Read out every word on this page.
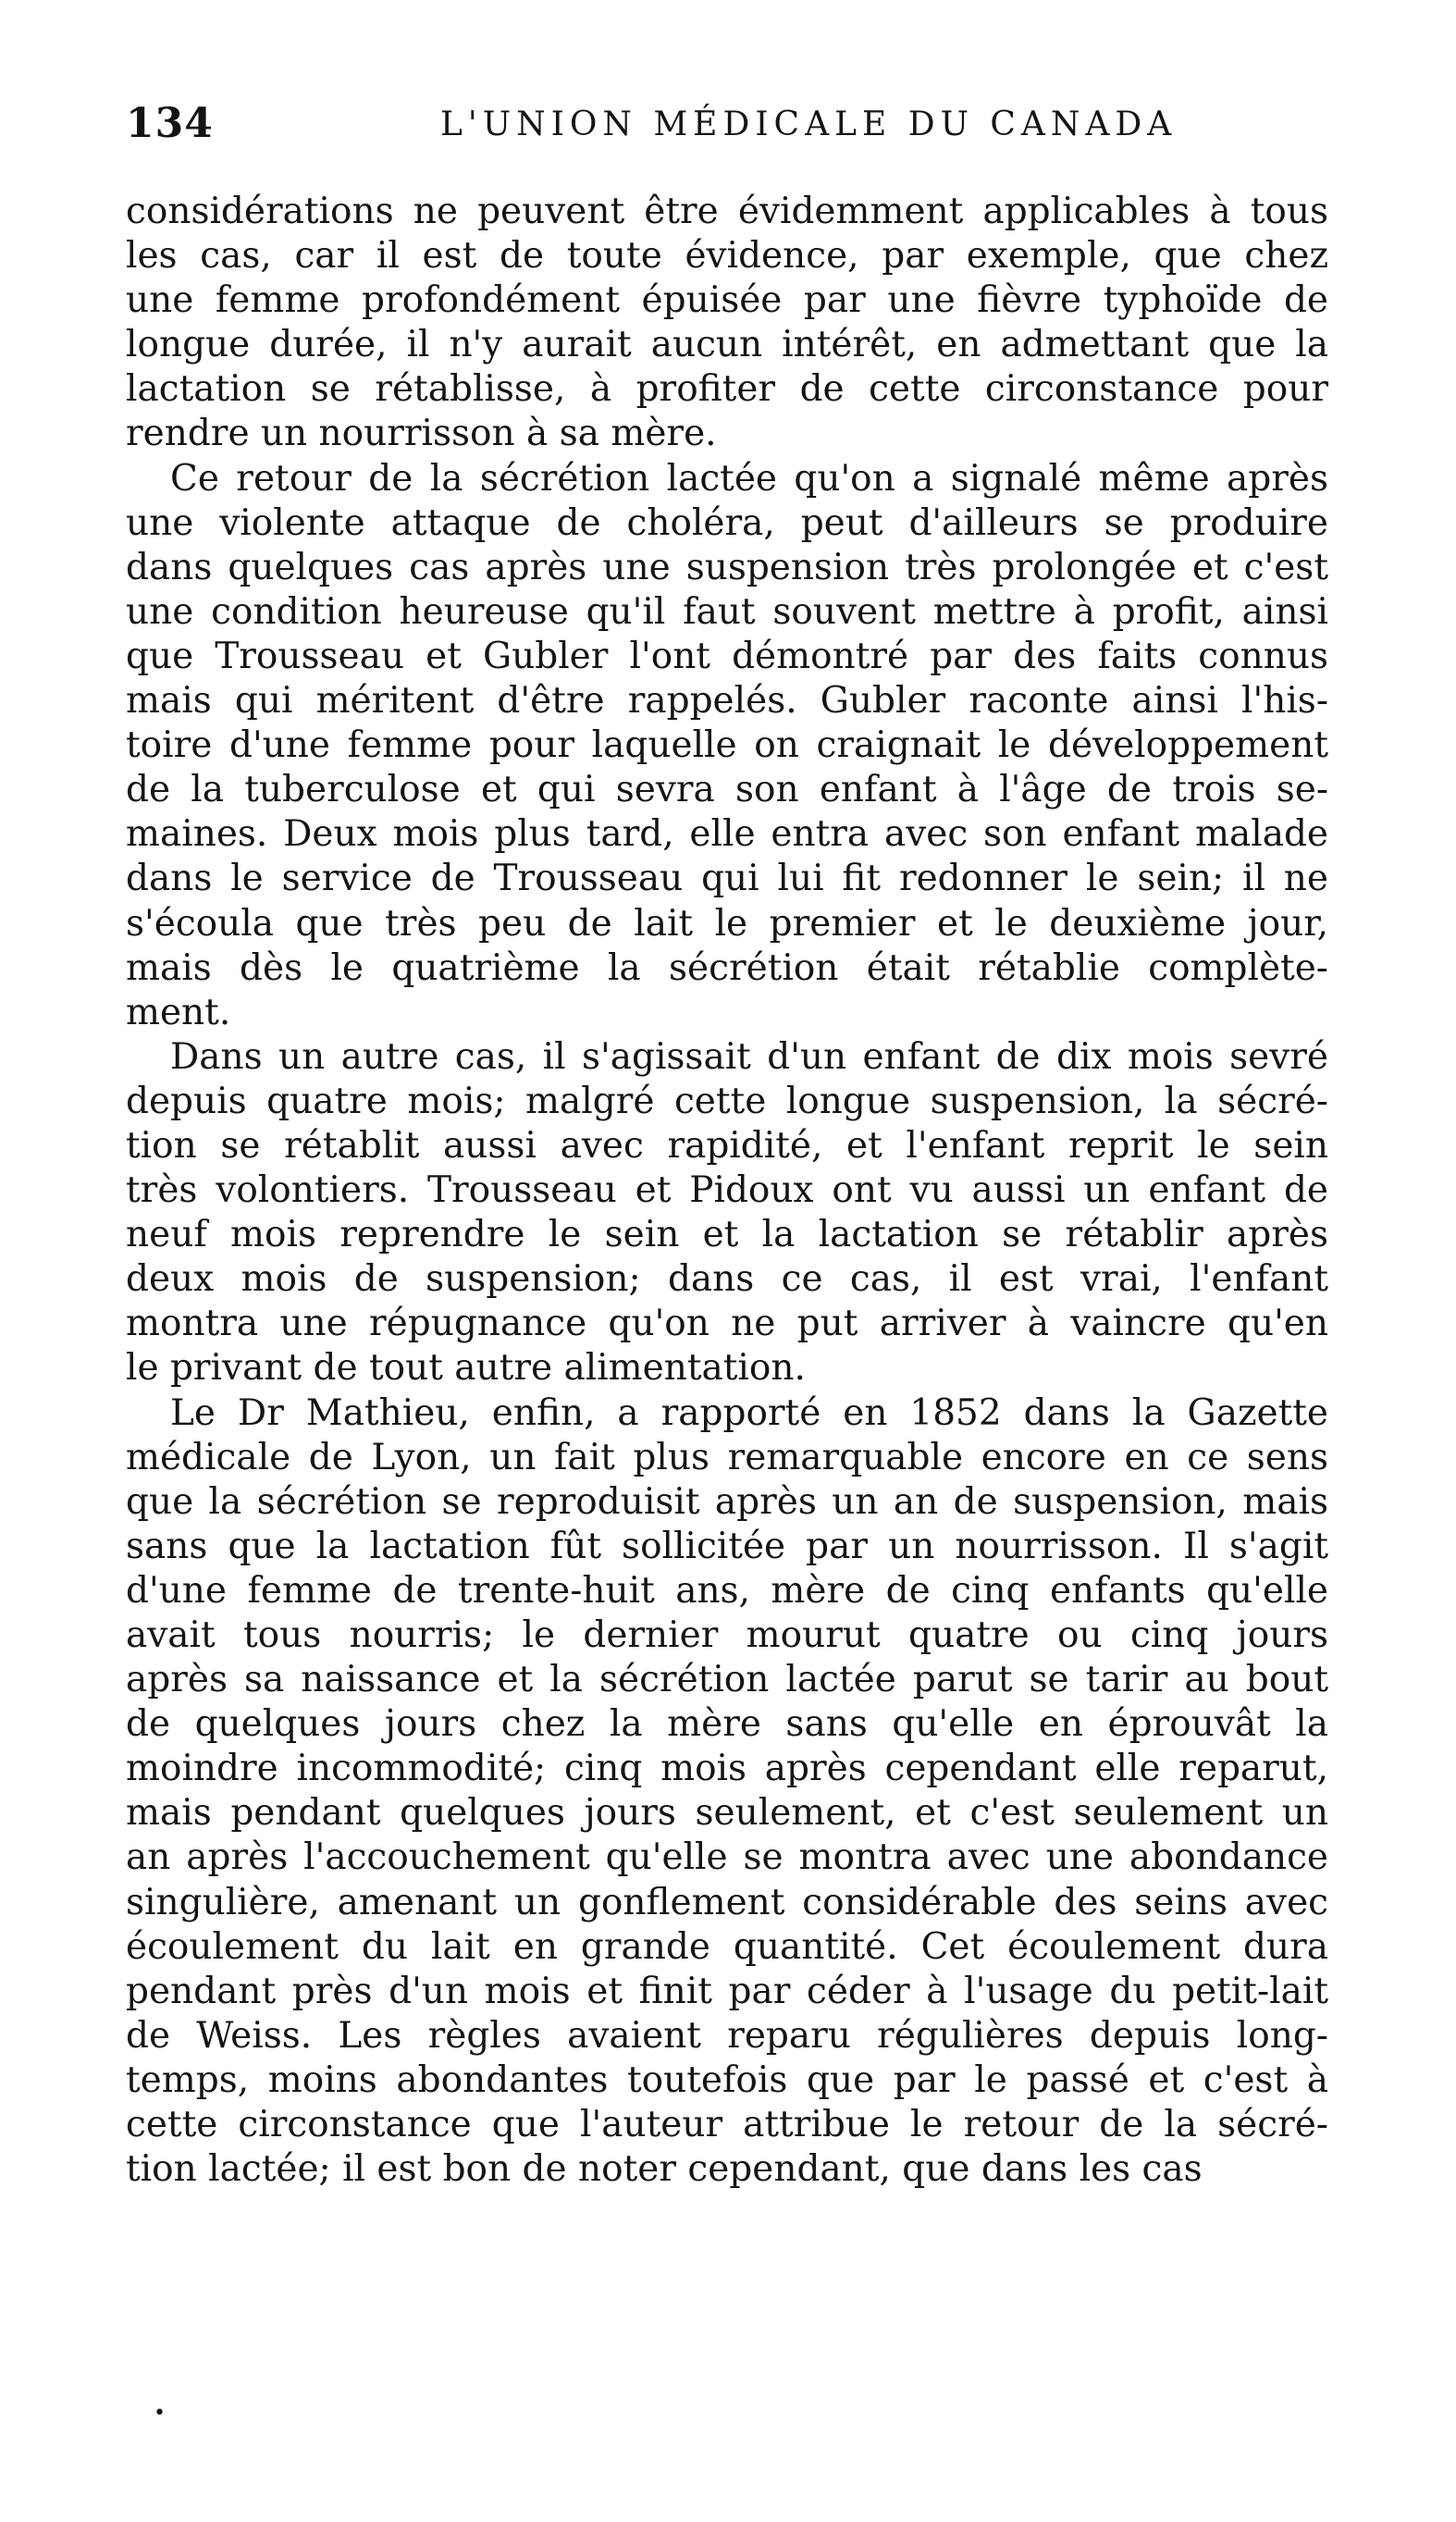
134	L'UNION MÉDICALE DU CANADA
considérations ne peuvent être évidemment applicables à tous
les cas, car il est de toute évidence, par exemple, que chez
une femme profondément épuisée par une fièvre typhoïde de
longue durée, il n'y aurait aucun intérêt, en admettant que la
lactation se rétablisse, à profiter de cette circonstance pour
rendre un nourrisson à sa mère.
Ce retour de la sécrétion lactée qu'on a signalé même après
une violente attaque de choléra, peut d'ailleurs se produire
dans quelques cas après une suspension très prolongée et c'est
une condition heureuse qu'il faut souvent mettre à profit, ainsi
que Trousseau et Gubler l'ont démontré par des faits connus
mais qui méritent d'être rappelés. Gubler raconte ainsi l'his-
toire d'une femme pour laquelle on craignait le développement
de la tuberculose et qui sevra son enfant à l'âge de trois se-
maines. Deux mois plus tard, elle entra avec son enfant malade
dans le service de Trousseau qui lui fit redonner le sein; il ne
s'écoula que très peu de lait le premier et le deuxième jour,
mais dès le quatrième la sécrétion était rétablie complète-
ment.
Dans un autre cas, il s'agissait d'un enfant de dix mois sevré
depuis quatre mois; malgré cette longue suspension, la sécré-
tion se rétablit aussi avec rapidité, et l'enfant reprit le sein
très volontiers. Trousseau et Pidoux ont vu aussi un enfant de
neuf mois reprendre le sein et la lactation se rétablir après
deux mois de suspension; dans ce cas, il est vrai, l'enfant
montra une répugnance qu'on ne put arriver à vaincre qu'en
le privant de tout autre alimentation.
Le Dr Mathieu, enfin, a rapporté en 1852 dans la Gazette
médicale de Lyon, un fait plus remarquable encore en ce sens
que la sécrétion se reproduisit après un an de suspension, mais
sans que la lactation fût sollicitée par un nourrisson. Il s'agit
d'une femme de trente-huit ans, mère de cinq enfants qu'elle
avait tous nourris; le dernier mourut quatre ou cinq jours
après sa naissance et la sécrétion lactée parut se tarir au bout
de quelques jours chez la mère sans qu'elle en éprouvât la
moindre incommodité; cinq mois après cependant elle reparut,
mais pendant quelques jours seulement, et c'est seulement un
an après l'accouchement qu'elle se montra avec une abondance
singulière, amenant un gonflement considérable des seins avec
écoulement du lait en grande quantité. Cet écoulement dura
pendant près d'un mois et finit par céder à l'usage du petit-lait
de Weiss. Les règles avaient reparu régulières depuis long-
temps, moins abondantes toutefois que par le passé et c'est à
cette circonstance que l'auteur attribue le retour de la sécré-
tion lactée; il est bon de noter cependant, que dans les cas
•
